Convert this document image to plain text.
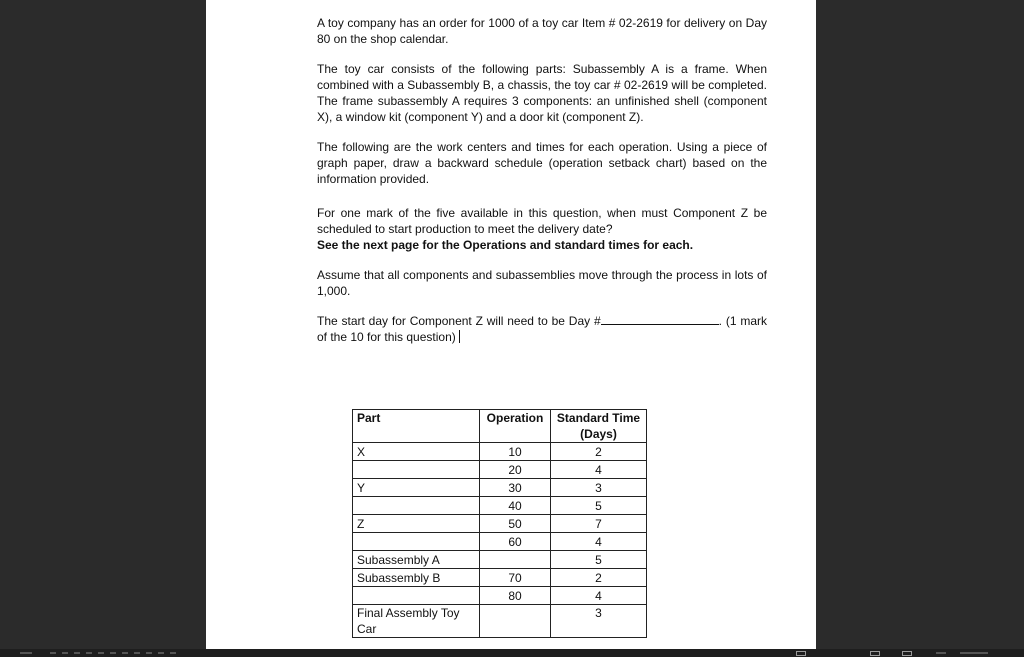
A toy company has an order for 1000 of a toy car Item # 02-2619 for delivery on Day 80 on the shop calendar.

The toy car consists of the following parts: Subassembly A is a frame. When combined with a Subassembly B, a chassis, the toy car # 02-2619 will be completed. The frame subassembly A requires 3 components: an unfinished shell (component X), a window kit (component Y) and a door kit (component Z).

The following are the work centers and times for each operation. Using a piece of graph paper, draw a backward schedule (operation setback chart) based on the information provided.

For one mark of the five available in this question, when must Component Z be scheduled to start production to meet the delivery date?

See the next page for the Operations and standard times for each.

Assume that all components and subassemblies move through the process in lots of 1,000.

The start day for Component Z will need to be Day #	. (1 mark of the 10 for this question)

Part	Operation	Standard Time (Days)
X	10	2
	20	4
Y	30	3
	40	5
Z	50	7
	60	4
Subassembly A		5
Subassembly B	70	2
	80	4
Final Assembly Toy Car		3
